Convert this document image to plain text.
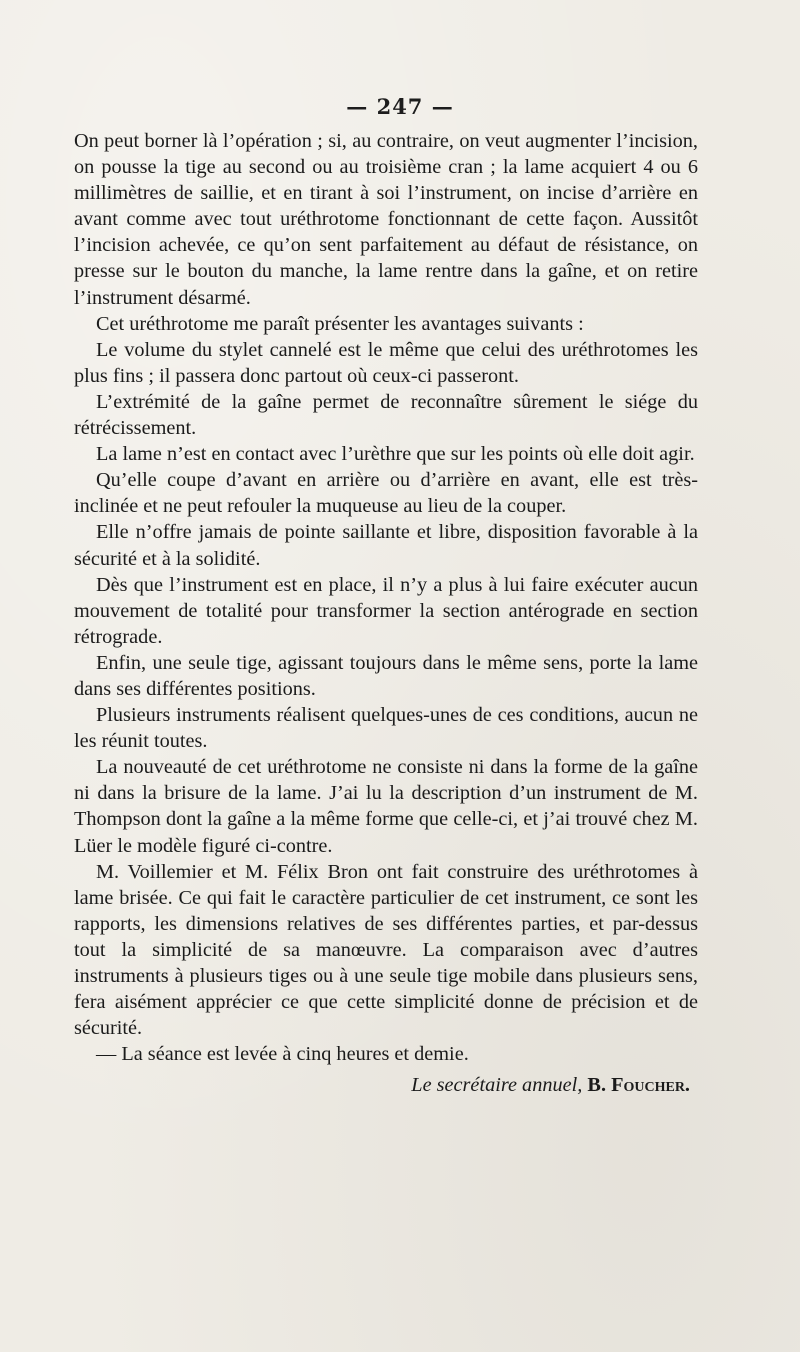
— 247 —

On peut borner là l’opération ; si, au contraire, on veut augmenter l’incision, on pousse la tige au second ou au troisième cran ; la lame acquiert 4 ou 6 millimètres de saillie, et en tirant à soi l’instrument, on incise d’arrière en avant comme avec tout uréthrotome fonctionnant de cette façon. Aussitôt l’incision achevée, ce qu’on sent parfaitement au défaut de résistance, on presse sur le bouton du manche, la lame rentre dans la gaîne, et on retire l’instrument désarmé.

Cet uréthrotome me paraît présenter les avantages suivants :

Le volume du stylet cannelé est le même que celui des uréthrotomes les plus fins ; il passera donc partout où ceux-ci passeront.

L’extrémité de la gaîne permet de reconnaître sûrement le siége du rétrécissement.

La lame n’est en contact avec l’urèthre que sur les points où elle doit agir.

Qu’elle coupe d’avant en arrière ou d’arrière en avant, elle est très-inclinée et ne peut refouler la muqueuse au lieu de la couper.

Elle n’offre jamais de pointe saillante et libre, disposition favorable à la sécurité et à la solidité.

Dès que l’instrument est en place, il n’y a plus à lui faire exécuter aucun mouvement de totalité pour transformer la section antérograde en section rétrograde.

Enfin, une seule tige, agissant toujours dans le même sens, porte la lame dans ses différentes positions.

Plusieurs instruments réalisent quelques-unes de ces conditions, aucun ne les réunit toutes.

La nouveauté de cet uréthrotome ne consiste ni dans la forme de la gaîne ni dans la brisure de la lame. J’ai lu la description d’un instrument de M. Thompson dont la gaîne a la même forme que celle-ci, et j’ai trouvé chez M. Lüer le modèle figuré ci-contre.

M. Voillemier et M. Félix Bron ont fait construire des uréthrotomes à lame brisée. Ce qui fait le caractère particulier de cet instrument, ce sont les rapports, les dimensions relatives de ses différentes parties, et par-dessus tout la simplicité de sa manœuvre. La comparaison avec d’autres instruments à plusieurs tiges ou à une seule tige mobile dans plusieurs sens, fera aisément apprécier ce que cette simplicité donne de précision et de sécurité.

— La séance est levée à cinq heures et demie.

Le secrétaire annuel, B. Foucher.
